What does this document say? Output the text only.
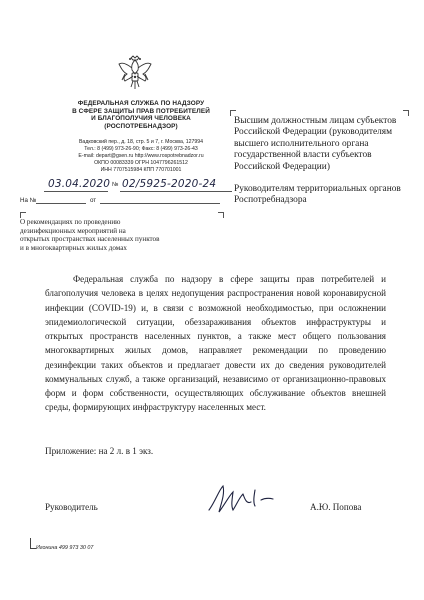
ФЕДЕРАЛЬНАЯ СЛУЖБА ПО НАДЗОРУ
В СФЕРЕ ЗАЩИТЫ ПРАВ ПОТРЕБИТЕЛЕЙ
И БЛАГОПОЛУЧИЯ ЧЕЛОВЕКА
(РОСПОТРЕБНАДЗОР)
Вадковский пер., д. 18, стр. 5 и 7, г. Москва, 127994
Тел.: 8 (499) 973-26-90; Факс: 8 (499) 973-26-43
E-mail: depart@gsen.ru http://www.rospotrebnadzor.ru
ОКПО 00083339 ОГРН 1047796261512
ИНН 7707515984 КПП 770701001
03.04.2020 № 02/5925-2020-24
На №	от
Высшим должностным лицам субъектов Российской Федерации (руководителям высшего исполнительного органа государственной власти субъектов Российской Федерации)
Руководителям территориальных органов Роспотребнадзора
О рекомендациях по проведению
дезинфекционных мероприятий на
открытых пространствах населенных пунктов
и в многоквартирных жилых домах
Федеральная служба по надзору в сфере защиты прав потребителей и благополучия человека в целях недопущения распространения новой коронавирусной инфекции (COVID-19) и, в связи с возможной необходимостью, при осложнении эпидемиологической ситуации, обеззараживания объектов инфраструктуры и открытых пространств населенных пунктов, а также мест общего пользования многоквартирных жилых домов, направляет рекомендации по проведению дезинфекции таких объектов и предлагает довести их до сведения руководителей коммунальных служб, а также организаций, независимо от организационно-правовых форм и форм собственности, осуществляющих обслуживание объектов внешней среды, формирующих инфраструктуру населенных мест.
Приложение: на 2 л. в 1 экз.
Руководитель	А.Ю. Попова
Игонина 499 973 30 07
